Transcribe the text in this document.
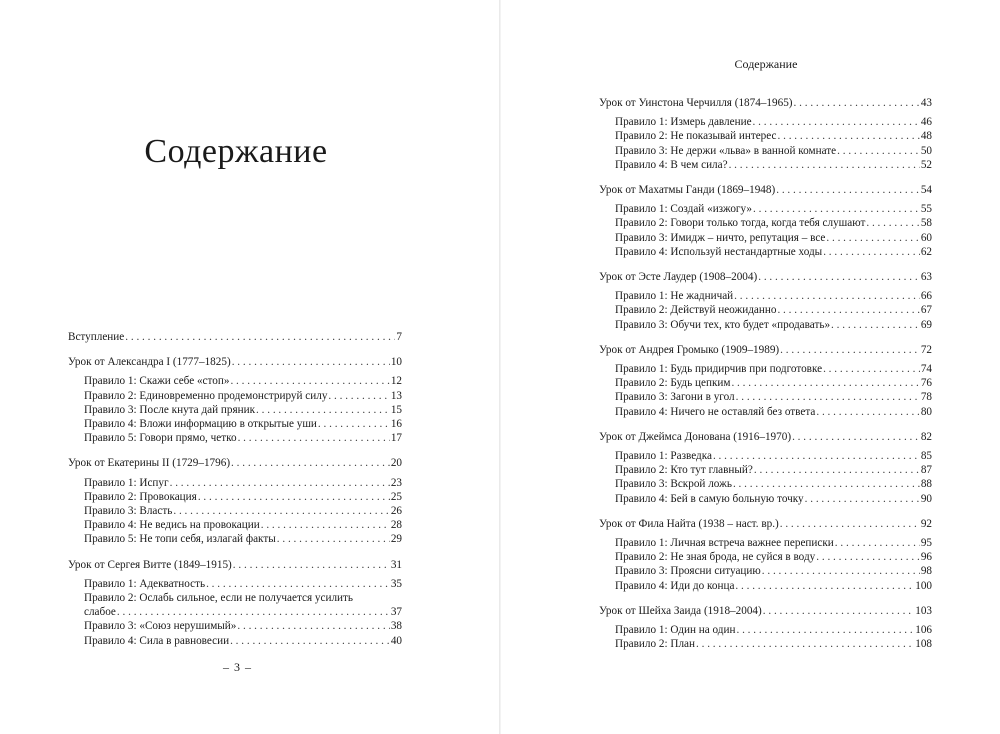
Содержание
Вступление . . .	7
Урок от Александра I (1777–1825) . . .	10
Правило 1: Скажи себе «стоп» . . .	12
Правило 2: Единовременно продемонстрируй силу . . .	13
Правило 3: После кнута дай пряник . . .	15
Правило 4: Вложи информацию в открытые уши . . .	16
Правило 5: Говори прямо, четко . . .	17
Урок от Екатерины II (1729–1796) . . .	20
Правило 1: Испуг . . .	23
Правило 2: Провокация . . .	25
Правило 3: Власть . . .	26
Правило 4: Не ведись на провокации . . .	28
Правило 5: Не топи себя, излагай факты . . .	29
Урок от Сергея Витте (1849–1915) . . .	31
Правило 1: Адекватность . . .	35
Правило 2: Ослабь сильное, если не получается усилить
слабое . . .	37
Правило 3: «Союз нерушимый» . . .	38
Правило 4: Сила в равновесии . . .	40
– 3 –
Содержание
Урок от Уинстона Черчилля (1874–1965) . . .	43
Правило 1: Измерь давление . . .	46
Правило 2: Не показывай интерес . . .	48
Правило 3: Не держи «льва» в ванной комнате . . .	50
Правило 4: В чем сила? . . .	52
Урок от Махатмы Ганди (1869–1948) . . .	54
Правило 1: Создай «изжогу» . . .	55
Правило 2: Говори только тогда, когда тебя слушают . . .	58
Правило 3: Имидж – ничто, репутация – все . . .	60
Правило 4: Используй нестандартные ходы . . .	62
Урок от Эсте Лаудер (1908–2004) . . .	63
Правило 1: Не жадничай . . .	66
Правило 2: Действуй неожиданно . . .	67
Правило 3: Обучи тех, кто будет «продавать» . . .	69
Урок от Андрея Громыко (1909–1989) . . .	72
Правило 1: Будь придирчив при подготовке . . .	74
Правило 2: Будь цепким . . .	76
Правило 3: Загони в угол . . .	78
Правило 4: Ничего не оставляй без ответа . . .	80
Урок от Джеймса Донована (1916–1970) . . .	82
Правило 1: Разведка . . .	85
Правило 2: Кто тут главный? . . .	87
Правило 3: Вскрой ложь . . .	88
Правило 4: Бей в самую больную точку . . .	90
Урок от Фила Найта (1938 – наст. вр.) . . .	92
Правило 1: Личная встреча важнее переписки . . .	95
Правило 2: Не зная брода, не суйся в воду . . .	96
Правило 3: Проясни ситуацию . . .	98
Правило 4: Иди до конца . . .	100
Урок от Шейха Заида (1918–2004) . . .	103
Правило 1: Один на один . . .	106
Правило 2: План . . .	108
